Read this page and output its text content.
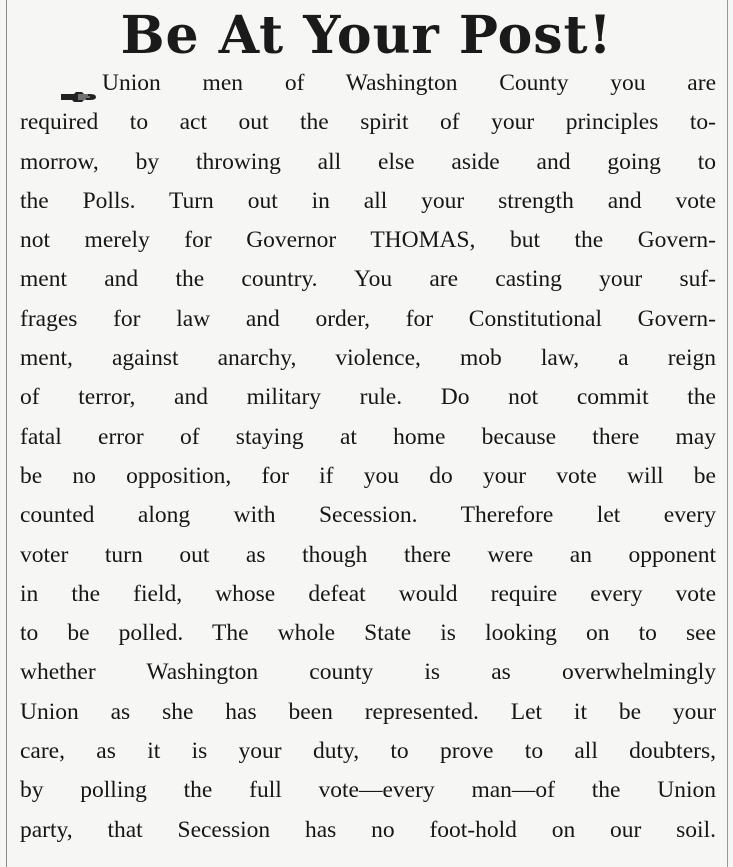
Be At Your Post!
Union men of Washington County you are
required to act out the spirit of your principles to-
morrow, by throwing all else aside and going to
the Polls. Turn out in all your strength and vote
not merely for Governor THOMAS, but the Govern-
ment and the country. You are casting your suf-
frages for law and order, for Constitutional Govern-
ment, against anarchy, violence, mob law, a reign
of terror, and military rule. Do not commit the
fatal error of staying at home because there may
be no opposition, for if you do your vote will be
counted along with Secession. Therefore let every
voter turn out as though there were an opponent
in the field, whose defeat would require every vote
to be polled. The whole State is looking on to see
whether Washington county is as overwhelmingly
Union as she has been represented. Let it be your
care, as it is your duty, to prove to all doubters,
by polling the full vote—every man—of the Union
party, that Secession has no foot-hold on our soil.
